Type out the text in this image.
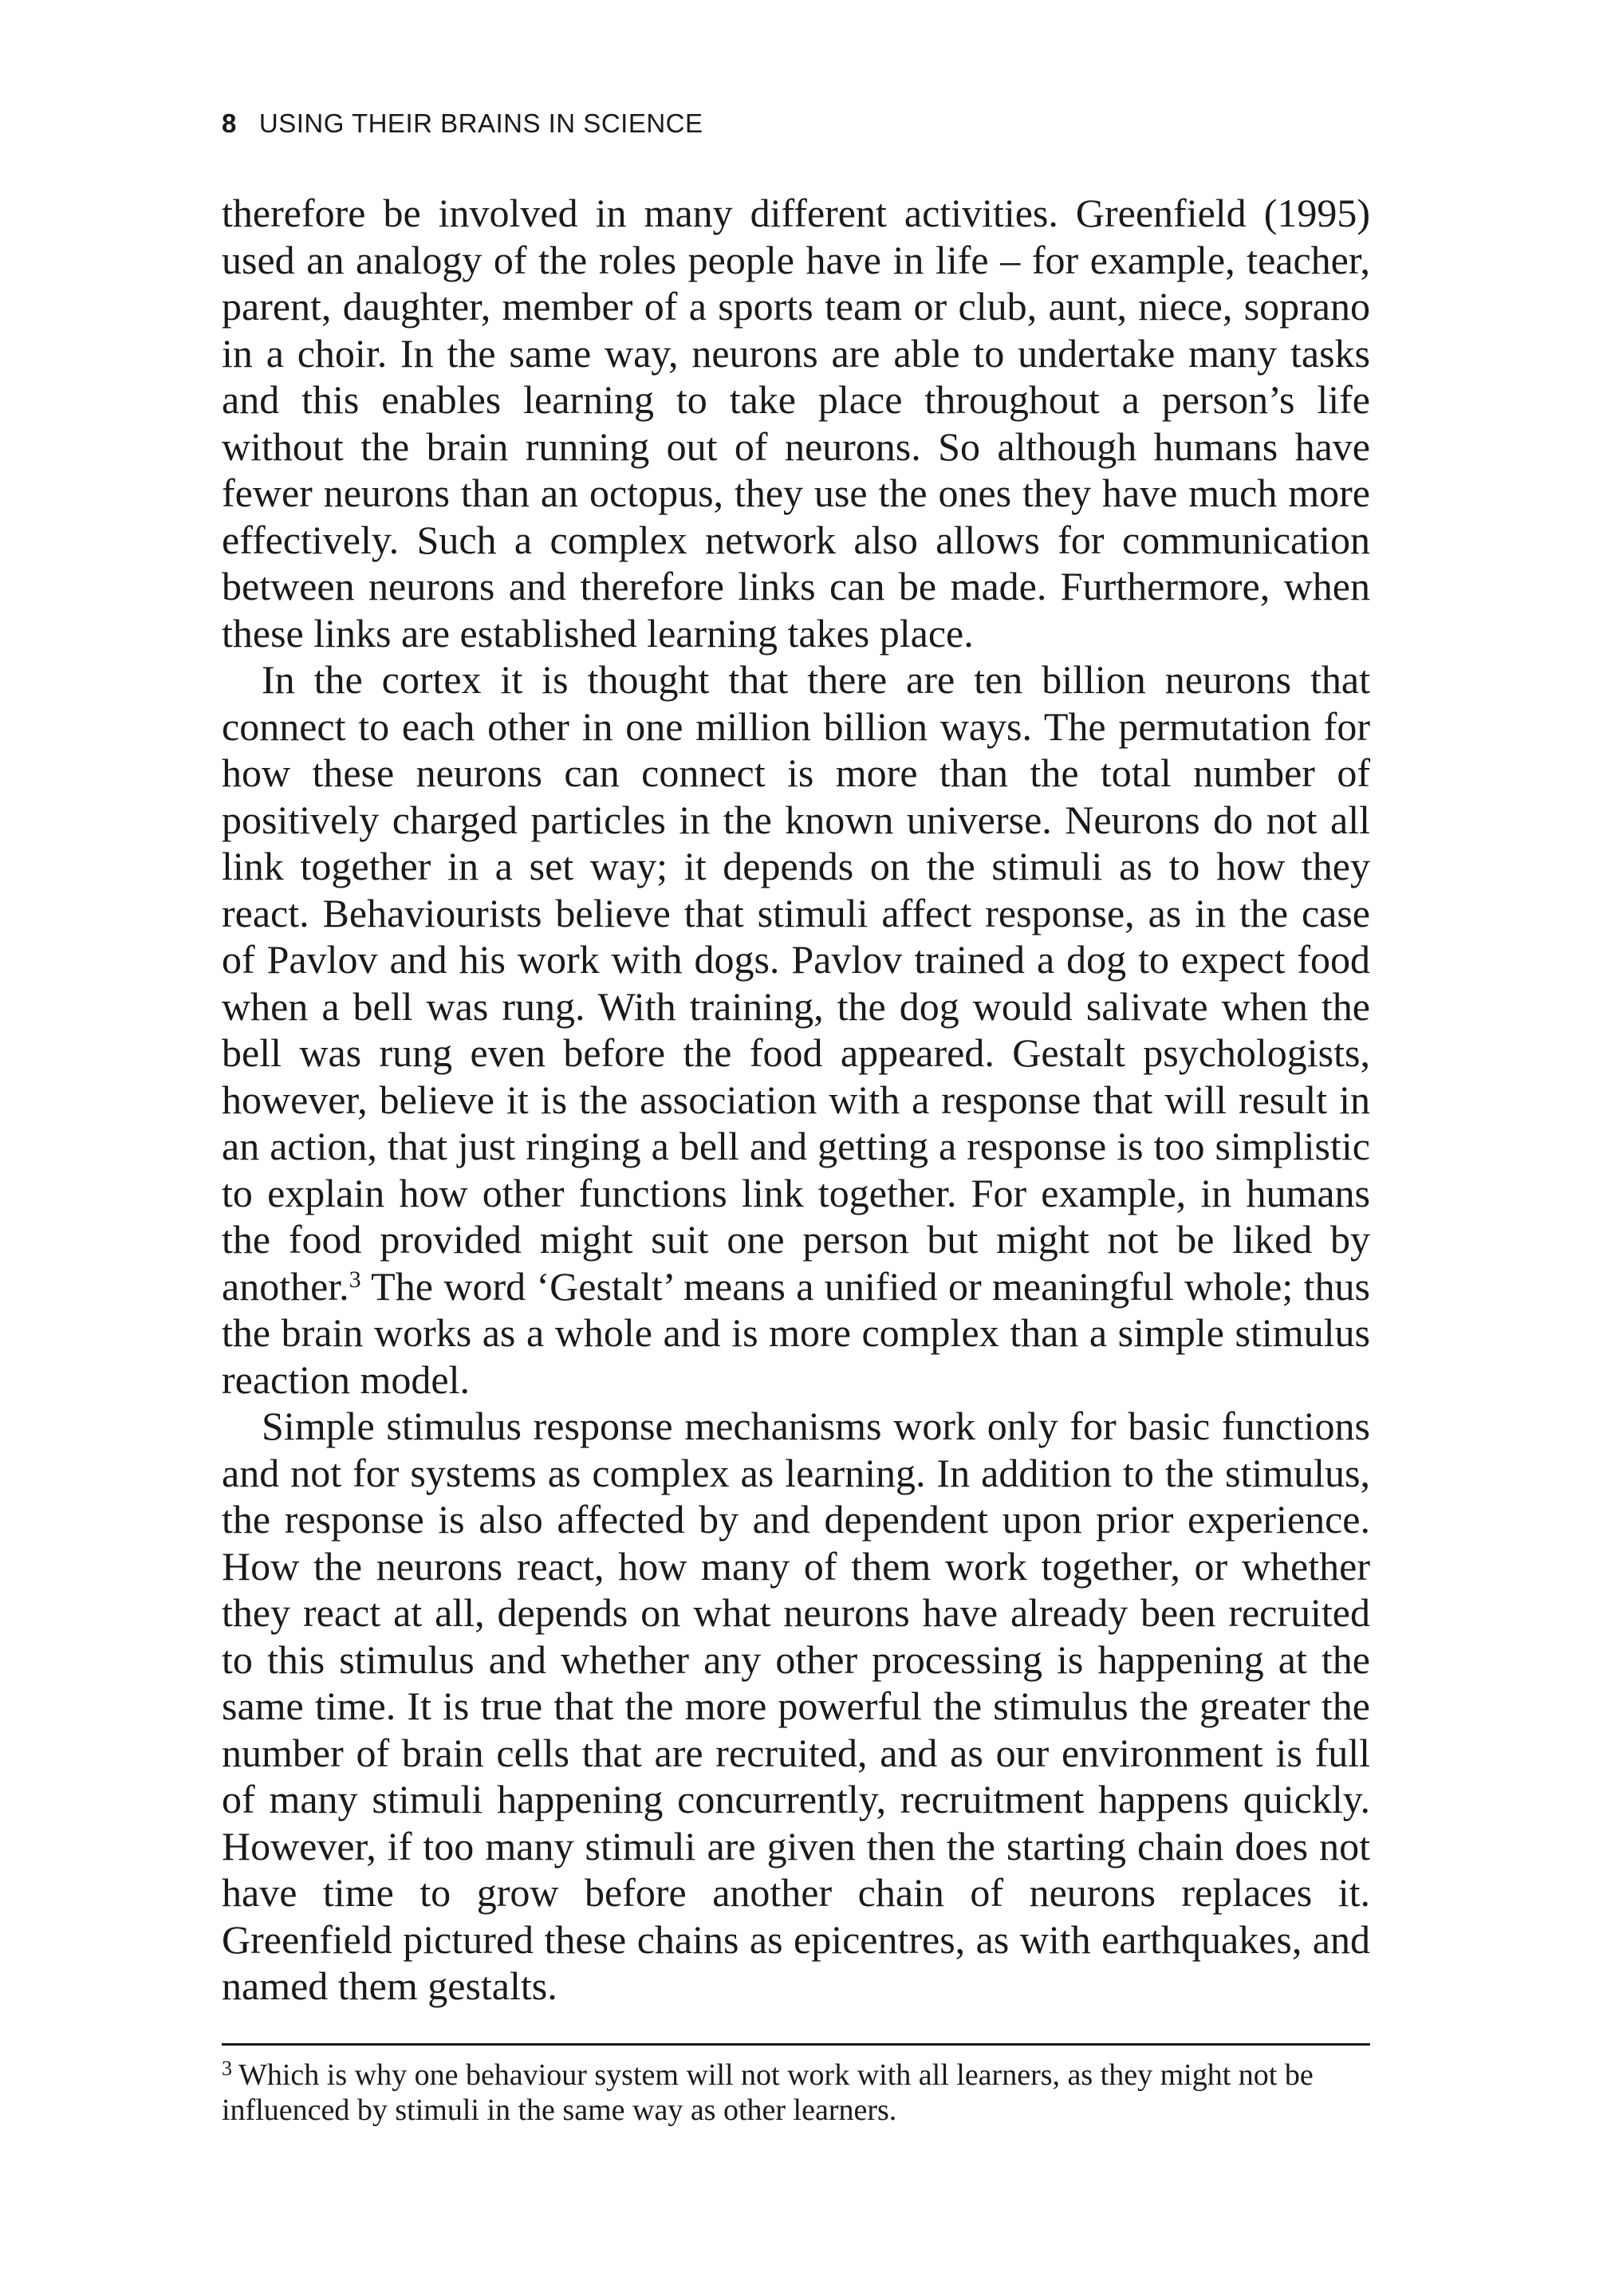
8 USING THEIR BRAINS IN SCIENCE

therefore be involved in many different activities. Greenfield (1995) used an analogy of the roles people have in life – for example, teacher, parent, daughter, member of a sports team or club, aunt, niece, soprano in a choir. In the same way, neurons are able to undertake many tasks and this enables learning to take place throughout a person’s life without the brain running out of neurons. So although humans have fewer neurons than an octopus, they use the ones they have much more effectively. Such a complex network also allows for communication between neurons and therefore links can be made. Furthermore, when these links are established learning takes place.

In the cortex it is thought that there are ten billion neurons that connect to each other in one million billion ways. The permutation for how these neurons can connect is more than the total number of positively charged particles in the known universe. Neurons do not all link together in a set way; it depends on the stimuli as to how they react. Behaviourists believe that stimuli affect response, as in the case of Pavlov and his work with dogs. Pavlov trained a dog to expect food when a bell was rung. With training, the dog would salivate when the bell was rung even before the food appeared. Gestalt psychologists, however, believe it is the association with a response that will result in an action, that just ringing a bell and getting a response is too simplistic to explain how other functions link together. For example, in humans the food provided might suit one person but might not be liked by another.$^3$ The word ‘Gestalt’ means a unified or meaningful whole; thus the brain works as a whole and is more complex than a simple stimulus reaction model.

Simple stimulus response mechanisms work only for basic functions and not for systems as complex as learning. In addition to the stimulus, the response is also affected by and dependent upon prior experience. How the neurons react, how many of them work together, or whether they react at all, depends on what neurons have already been recruited to this stimulus and whether any other processing is happening at the same time. It is true that the more powerful the stimulus the greater the number of brain cells that are recruited, and as our environment is full of many stimuli happening concurrently, recruitment happens quickly. However, if too many stimuli are given then the starting chain does not have time to grow before another chain of neurons replaces it. Greenfield pictured these chains as epicentres, as with earthquakes, and named them gestalts.

$^3$ Which is why one behaviour system will not work with all learners, as they might not be influenced by stimuli in the same way as other learners.
